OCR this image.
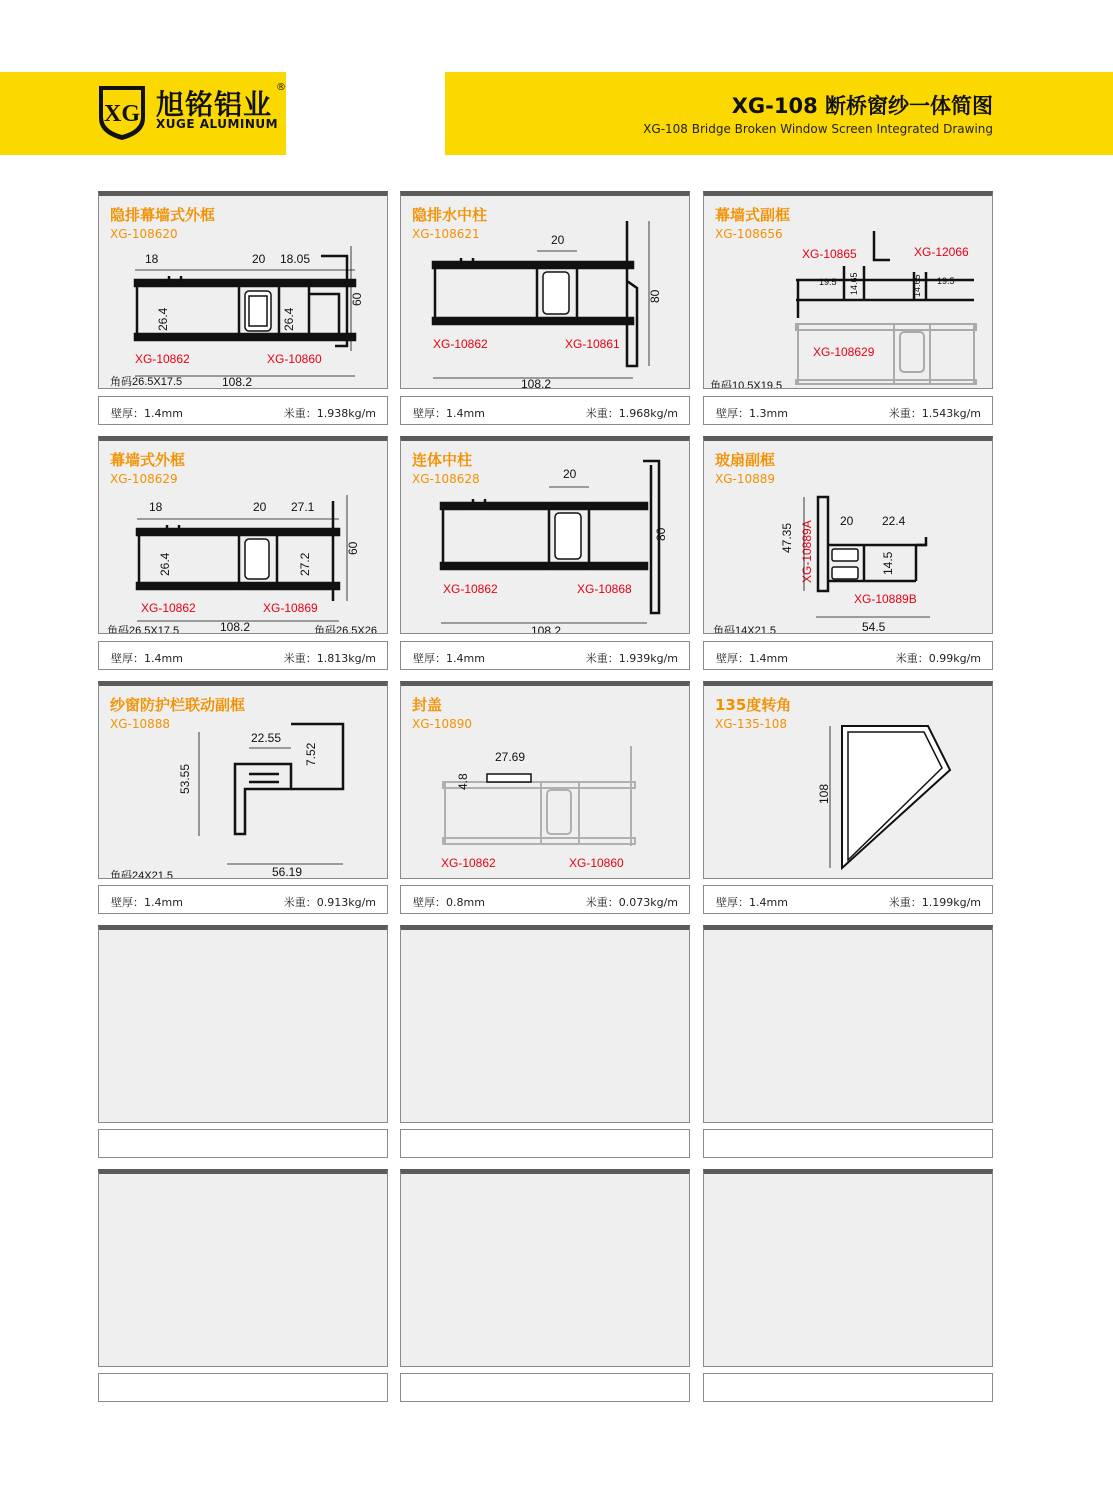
XG 旭铭铝业
®
XUGE ALUMINUM
XG-108 断桥窗纱一体简图
XG-108 Bridge Broken Window Screen Integrated Drawing
隐排幕墙式外框
XG-108620
18	20 18.05
60
26.4	26.4
108.2
角码26.5X17.5
XG-10862	XG-10860
壁厚：1.4mm	米重：1.938kg/m
隐排水中柱
XG-108621	20
80
108.2
XG-10862	XG-10861
壁厚：1.4mm	米重：1.968kg/m
幕墙式副框
XG-108656
XG-10865	XG-12066
19.5 14.65	14.65 19.5
XG-108629
角码10.5X19.5
壁厚：1.3mm	米重：1.543kg/m
幕墙式外框
XG-108629
18	20 27.1
60
26.4	27.2
108.2
角码26.5X17.5	角码26.5X26
XG-10862	XG-10869
壁厚：1.4mm	米重：1.813kg/m
连体中柱
XG-108628	20
80
108.2
XG-10862	XG-10868
壁厚：1.4mm	米重：1.939kg/m
玻扇副框
XG-10889
47.35
20 22.4
14.5
54.5
角码14X21.5
XG-10889A
XG-10889B
壁厚：1.4mm	米重：0.99kg/m
纱窗防护栏联动副框
XG-10888
22.55
7.52
53.55
56.19
角码24X21.5
壁厚：1.4mm	米重：0.913kg/m
封盖
XG-10890
27.69
4.8
XG-10862	XG-10860
壁厚：0.8mm	米重：0.073kg/m
135度转角
XG-135-108
108
壁厚：1.4mm	米重：1.199kg/m
